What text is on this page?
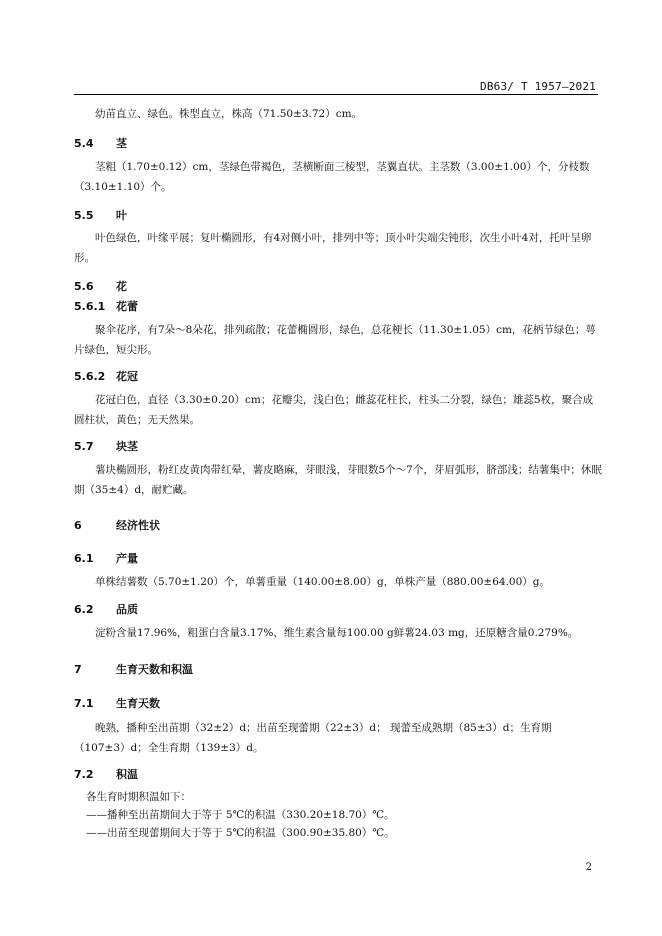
DB63/ T 1957—2021
幼苗直立、绿色。株型直立，株高（71.50±3.72）cm。
5.4 茎
茎粗（1.70±0.12）cm，茎绿色带褐色，茎横断面三棱型，茎翼直状。主茎数（3.00±1.00）个，分枝数（3.10±1.10）个。
5.5 叶
叶色绿色，叶缘平展；复叶椭圆形，有4对侧小叶，排列中等；顶小叶尖端尖钝形，次生小叶4对，托叶呈卵形。
5.6 花
5.6.1 花蕾
聚伞花序，有7朵～8朵花，排列疏散；花蕾椭圆形，绿色，总花梗长（11.30±1.05）cm，花柄节绿色；萼片绿色，短尖形。
5.6.2 花冠
花冠白色，直径（3.30±0.20）cm；花瓣尖，浅白色；雌蕊花柱长，柱头二分裂，绿色；雄蕊5枚，聚合成圆柱状，黄色；无天然果。
5.7 块茎
薯块椭圆形，粉红皮黄肉带红晕，薯皮略麻，芽眼浅，芽眼数5个～7个，芽眉弧形，脐部浅；结薯集中；休眠期（35±4）d，耐贮藏。
6	经济性状
6.1 产量
单株结薯数（5.70±1.20）个，单薯重量（140.00±8.00）g，单株产量（880.00±64.00）g。
6.2 品质
淀粉含量17.96%，粗蛋白含量3.17%，维生素含量每100.00 g鲜薯24.03 mg，还原糖含量0.279%。
7	生育天数和积温
7.1 生育天数
晚熟，播种至出苗期（32±2）d；出苗至现蕾期（22±3）d； 现蕾至成熟期（85±3）d；生育期（107±3）d；全生育期（139±3）d。
7.2 积温
各生育时期积温如下：
——播种至出苗期间大于等于 5℃的积温（330.20±18.70）℃。
——出苗至现蕾期间大于等于 5℃的积温（300.90±35.80）℃。
2
